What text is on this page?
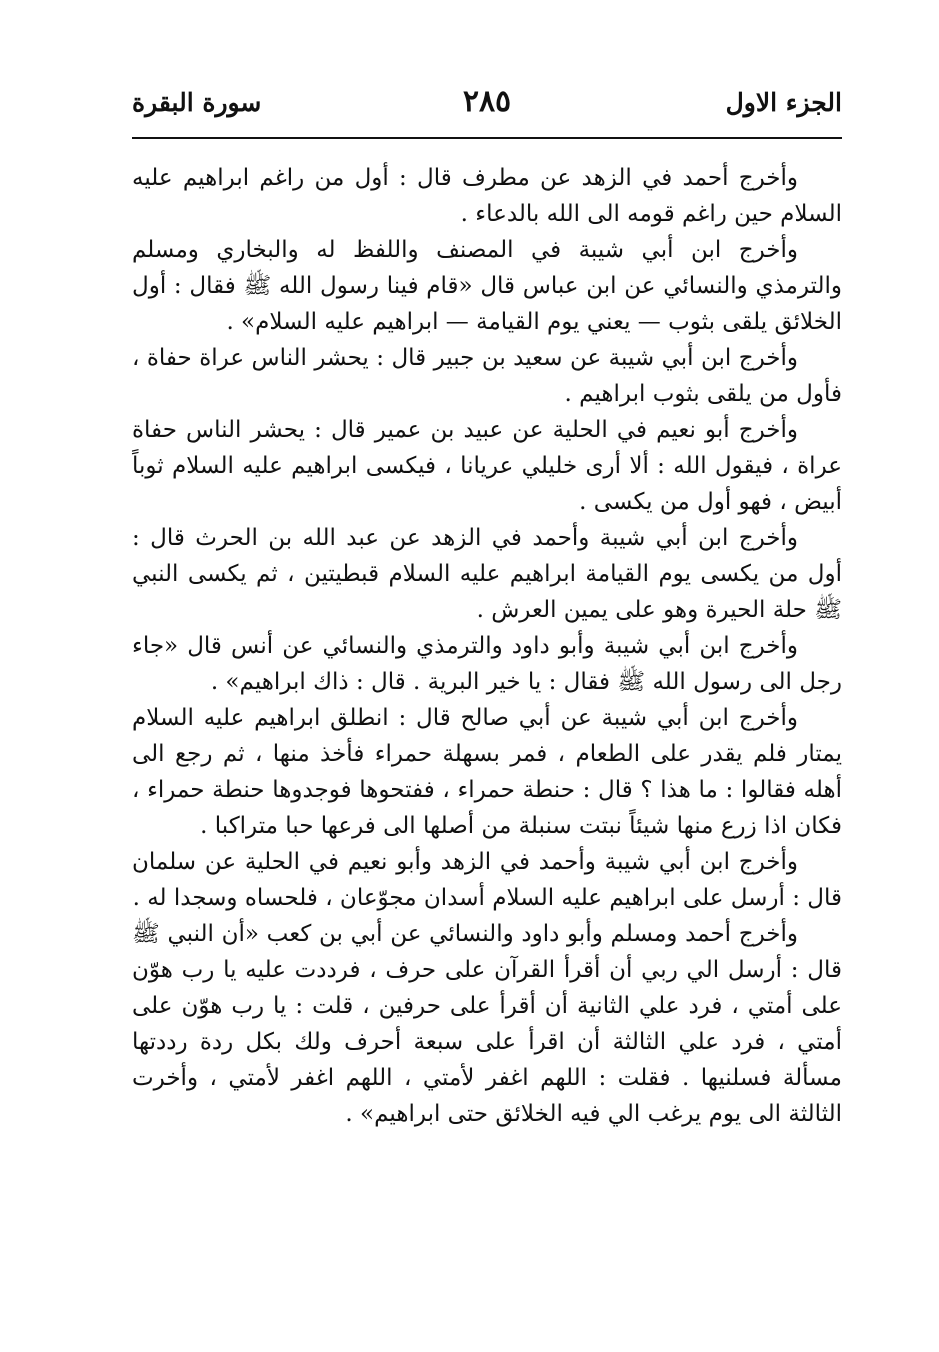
الجزء الاول
٢٨٥
سورة البقرة

وأخرج أحمد في الزهد عن مطرف قال : أول من راغم ابراهيم عليه السلام حين راغم قومه الى الله بالدعاء .

وأخرج ابن أبي شيبة في المصنف واللفظ له والبخاري ومسلم والترمذي والنسائي عن ابن عباس قال «قام فينا رسول الله ﷺ فقال : أول الخلائق يلقى بثوب — يعني يوم القيامة — ابراهيم عليه السلام» .

وأخرج ابن أبي شيبة عن سعيد بن جبير قال : يحشر الناس عراة حفاة ، فأول من يلقى بثوب ابراهيم .

وأخرج أبو نعيم في الحلية عن عبيد بن عمير قال : يحشر الناس حفاة عراة ، فيقول الله : ألا أرى خليلي عريانا ، فيكسى ابراهيم عليه السلام ثوباً أبيض ، فهو أول من يكسى .

وأخرج ابن أبي شيبة وأحمد في الزهد عن عبد الله بن الحرث قال : أول من يكسى يوم القيامة ابراهيم عليه السلام قبطيتين ، ثم يكسى النبي ﷺ حلة الحيرة وهو على يمين العرش .

وأخرج ابن أبي شيبة وأبو داود والترمذي والنسائي عن أنس قال «جاء رجل الى رسول الله ﷺ فقال : يا خير البرية . قال : ذاك ابراهيم» .

وأخرج ابن أبي شيبة عن أبي صالح قال : انطلق ابراهيم عليه السلام يمتار فلم يقدر على الطعام ، فمر بسهلة حمراء فأخذ منها ، ثم رجع الى أهله فقالوا : ما هذا ؟ قال : حنطة حمراء ، ففتحوها فوجدوها حنطة حمراء ، فكان اذا زرع منها شيئاً نبتت سنبلة من أصلها الى فرعها حبا متراكبا .

وأخرج ابن أبي شيبة وأحمد في الزهد وأبو نعيم في الحلية عن سلمان قال : أرسل على ابراهيم عليه السلام أسدان مجوّعان ، فلحساه وسجدا له .

وأخرج أحمد ومسلم وأبو داود والنسائي عن أبي بن كعب «أن النبي ﷺ قال : أرسل الي ربي أن أقرأ القرآن على حرف ، فرددت عليه يا رب هوّن على أمتي ، فرد علي الثانية أن أقرأ على حرفين ، قلت : يا رب هوّن على أمتي ، فرد علي الثالثة أن اقرأ على سبعة أحرف ولك بكل ردة رددتها مسألة فسلنيها . فقلت : اللهم اغفر لأمتي ، اللهم اغفر لأمتي ، وأخرت الثالثة الى يوم يرغب الي فيه الخلائق حتى ابراهيم» .
